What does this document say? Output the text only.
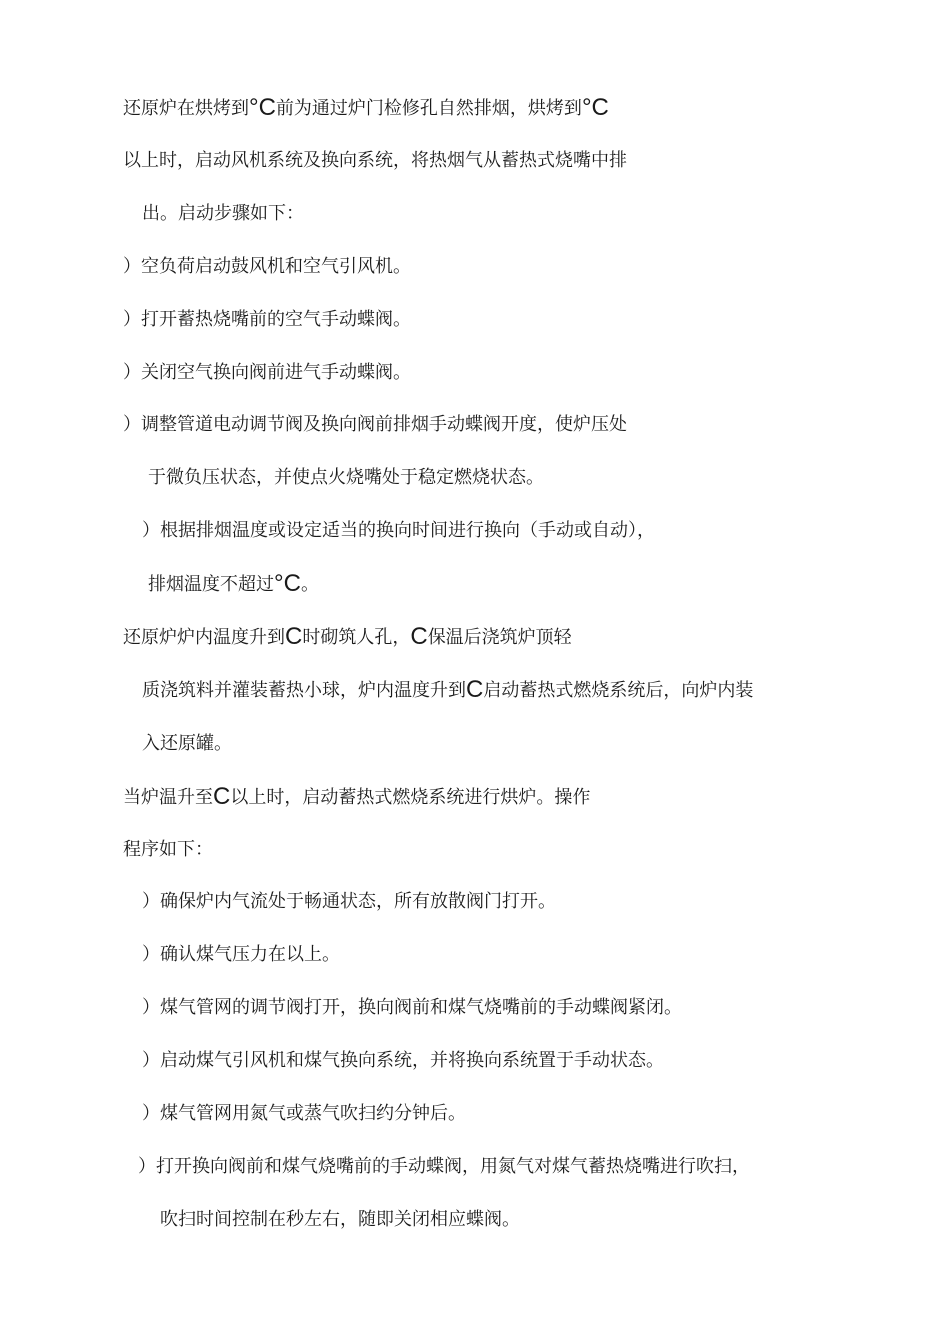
还原炉在烘烤到°C前为通过炉门检修孔自然排烟，烘烤到°C
以上时，启动风机系统及换向系统，将热烟气从蓄热式烧嘴中排
出。启动步骤如下：
）空负荷启动鼓风机和空气引风机。
）打开蓄热烧嘴前的空气手动蝶阀。
）关闭空气换向阀前进气手动蝶阀。
）调整管道电动调节阀及换向阀前排烟手动蝶阀开度，使炉压处
于微负压状态，并使点火烧嘴处于稳定燃烧状态。
）根据排烟温度或设定适当的换向时间进行换向（手动或自动），
排烟温度不超过°C。
还原炉炉内温度升到C时砌筑人孔，C保温后浇筑炉顶轻
质浇筑料并灌装蓄热小球，炉内温度升到C启动蓄热式燃烧系统后，向炉内装
入还原罐。
当炉温升至C以上时，启动蓄热式燃烧系统进行烘炉。操作
程序如下：
）确保炉内气流处于畅通状态，所有放散阀门打开。
）确认煤气压力在以上。
）煤气管网的调节阀打开，换向阀前和煤气烧嘴前的手动蝶阀紧闭。
）启动煤气引风机和煤气换向系统，并将换向系统置于手动状态。
）煤气管网用氮气或蒸气吹扫约分钟后。
）打开换向阀前和煤气烧嘴前的手动蝶阀，用氮气对煤气蓄热烧嘴进行吹扫，
吹扫时间控制在秒左右，随即关闭相应蝶阀。
